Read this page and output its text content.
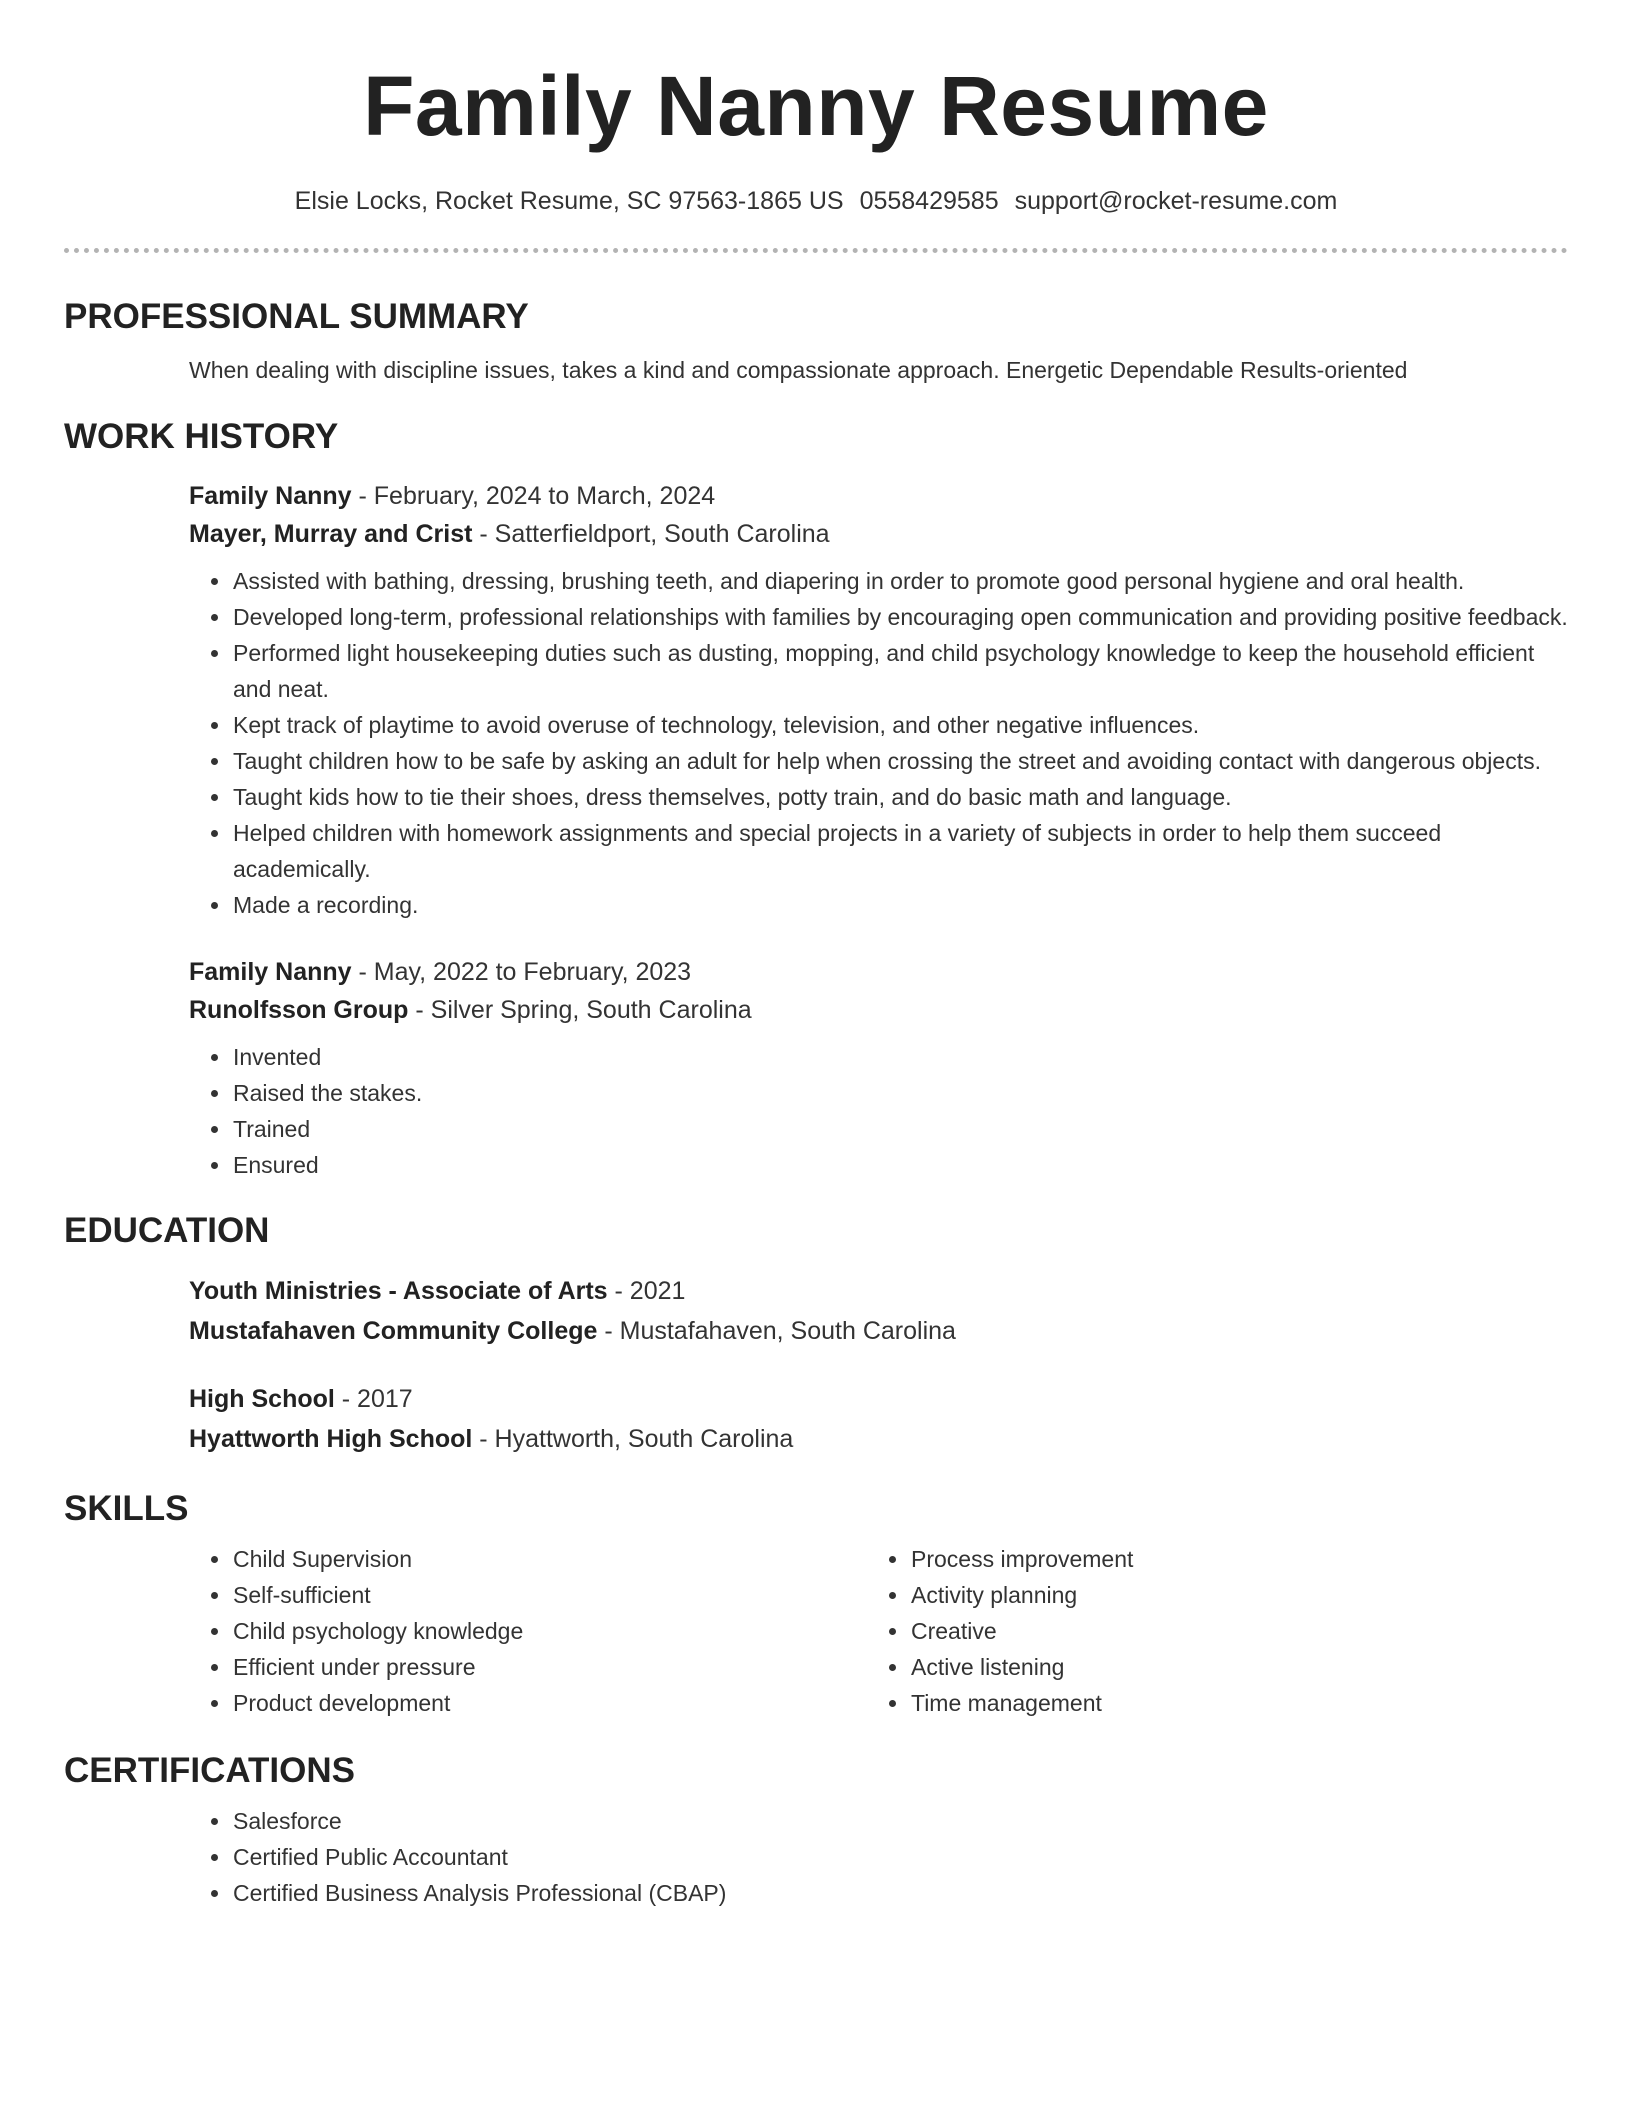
Family Nanny Resume
Elsie Locks, Rocket Resume, SC 97563-1865 US 0558429585 support@rocket-resume.com
PROFESSIONAL SUMMARY
When dealing with discipline issues, takes a kind and compassionate approach. Energetic Dependable Results-oriented
WORK HISTORY
Family Nanny - February, 2024 to March, 2024
Mayer, Murray and Crist - Satterfieldport, South Carolina
• Assisted with bathing, dressing, brushing teeth, and diapering in order to promote good personal hygiene and oral health.
• Developed long-term, professional relationships with families by encouraging open communication and providing positive feedback.
• Performed light housekeeping duties such as dusting, mopping, and child psychology knowledge to keep the household efficient and neat.
• Kept track of playtime to avoid overuse of technology, television, and other negative influences.
• Taught children how to be safe by asking an adult for help when crossing the street and avoiding contact with dangerous objects.
• Taught kids how to tie their shoes, dress themselves, potty train, and do basic math and language.
• Helped children with homework assignments and special projects in a variety of subjects in order to help them succeed academically.
• Made a recording.
Family Nanny - May, 2022 to February, 2023
Runolfsson Group - Silver Spring, South Carolina
• Invented
• Raised the stakes.
• Trained
• Ensured
EDUCATION
Youth Ministries - Associate of Arts - 2021
Mustafahaven Community College - Mustafahaven, South Carolina
High School - 2017
Hyattworth High School - Hyattworth, South Carolina
SKILLS
• Child Supervision
• Self-sufficient
• Child psychology knowledge
• Efficient under pressure
• Product development
• Process improvement
• Activity planning
• Creative
• Active listening
• Time management
CERTIFICATIONS
• Salesforce
• Certified Public Accountant
• Certified Business Analysis Professional (CBAP)
